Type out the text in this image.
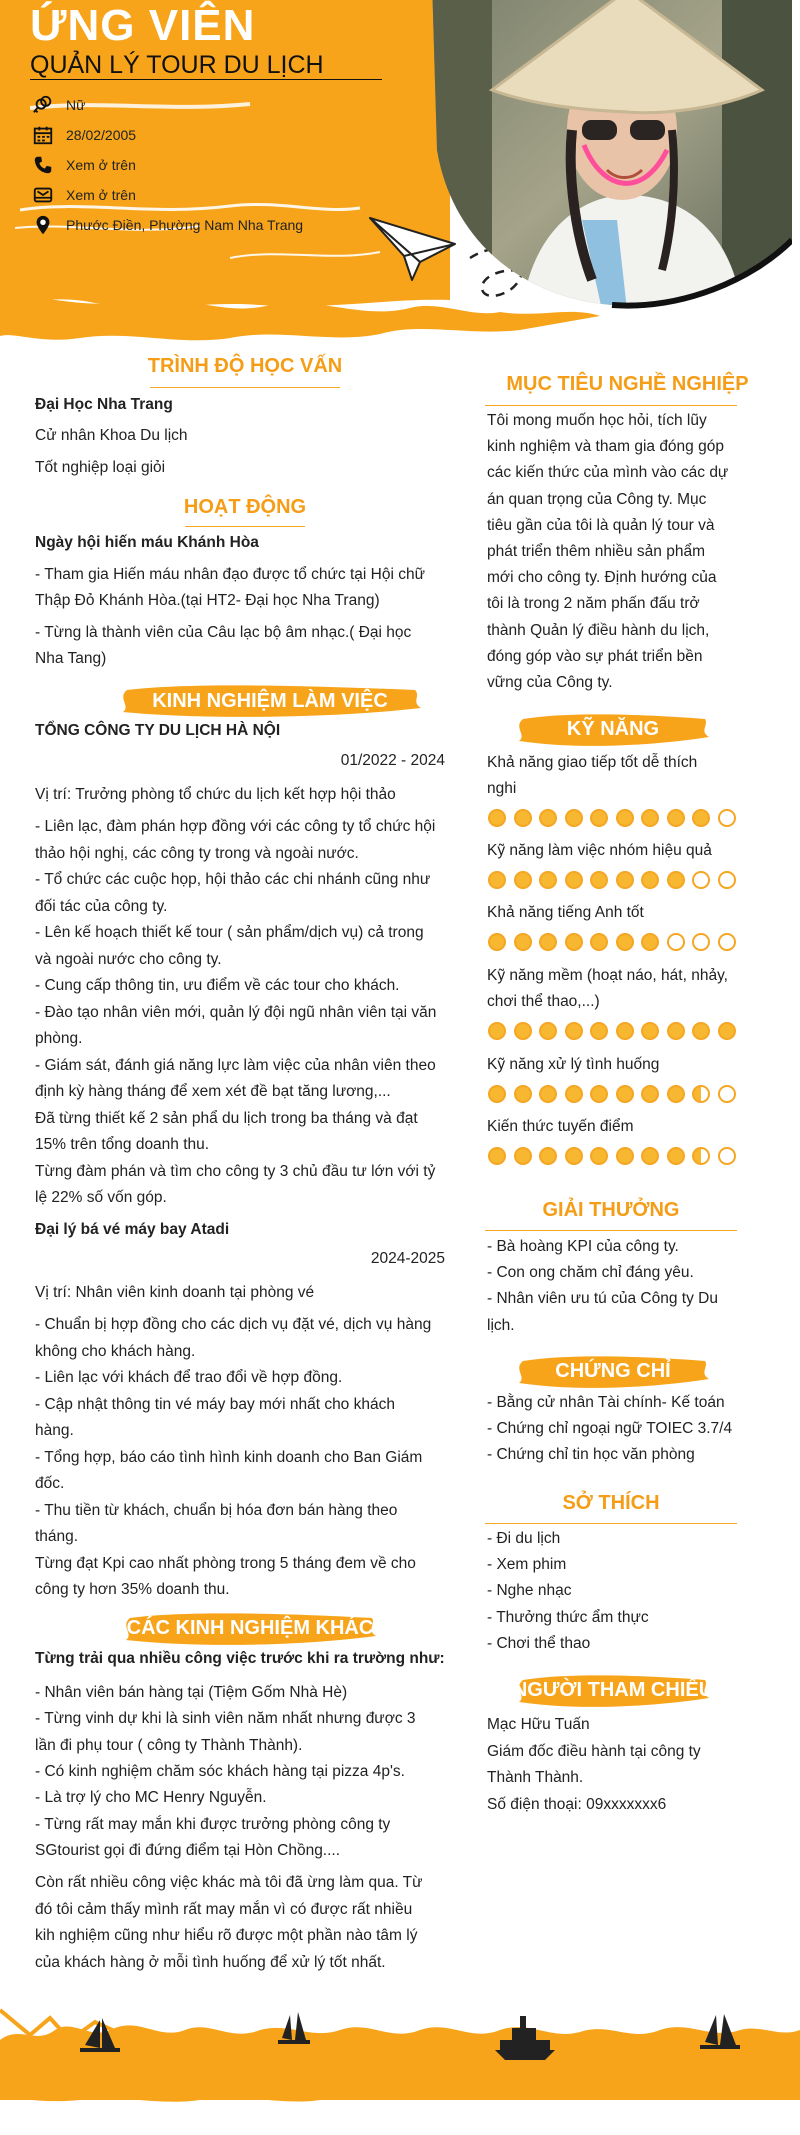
ỨNG VIÊN
QUẢN LÝ TOUR DU LỊCH
Nữ
28/02/2005
Xem ở trên
Xem ở trên
Phước Điền, Phường Nam Nha Trang
TRÌNH ĐỘ HỌC VẤN
Đại Học Nha Trang
Cử nhân Khoa Du lịch
Tốt nghiệp loại giỏi
HOẠT ĐỘNG
Ngày hội hiến máu Khánh Hòa
- Tham gia Hiến máu nhân đạo được tổ chức tại Hội chữ
Thập Đỏ Khánh Hòa.(tại HT2- Đại học Nha Trang)
- Từng là thành viên của Câu lạc bộ âm nhạc.( Đại học
Nha Tang)
KINH NGHIỆM LÀM VIỆC
TỔNG CÔNG TY DU LỊCH HÀ NỘI
01/2022 - 2024
Vị trí: Trưởng phòng tổ chức du lịch kết hợp hội thảo
- Liên lạc, đàm phán hợp đồng với các công ty tổ chức hội
thảo hội nghị, các công ty trong và ngoài nước.
- Tổ chức các cuộc họp, hội thảo các chi nhánh cũng như
đối tác của công ty.
- Lên kế hoạch thiết kế tour ( sản phẩm/dịch vụ) cả trong
và ngoài nước cho công ty.
- Cung cấp thông tin, ưu điểm về các tour cho khách.
- Đào tạo nhân viên mới, quản lý đội ngũ nhân viên tại văn
phòng.
- Giám sát, đánh giá năng lực làm việc của nhân viên theo
định kỳ hàng tháng để xem xét đề bạt tăng lương,...
Đã từng thiết kế 2 sản phẩ du lịch trong ba tháng và đạt
15% trên tổng doanh thu.
Từng đàm phán và tìm cho công ty 3 chủ đầu tư lớn với tỷ
lệ 22% số vốn góp.
Đại lý bá vé máy bay Atadi
2024-2025
Vị trí: Nhân viên kinh doanh tại phòng vé
- Chuẩn bị hợp đồng cho các dịch vụ đặt vé, dịch vụ hàng
không cho khách hàng.
- Liên lạc với khách để trao đổi về hợp đồng.
- Cập nhật thông tin vé máy bay mới nhất cho khách
hàng.
- Tổng hợp, báo cáo tình hình kinh doanh cho Ban Giám
đốc.
- Thu tiền từ khách, chuẩn bị hóa đơn bán hàng theo
tháng.
Từng đạt Kpi cao nhất phòng trong 5 tháng đem về cho
công ty hơn 35% doanh thu.
CÁC KINH NGHIỆM KHÁC
Từng trải qua nhiều công việc trước khi ra trường như:
- Nhân viên bán hàng tại (Tiệm Gốm Nhà Hè)
- Từng vinh dự khi là sinh viên năm nhất nhưng được 3
lần đi phụ tour ( công ty Thành Thành).
- Có kinh nghiệm chăm sóc khách hàng tại pizza 4p's.
- Là trợ lý cho MC Henry Nguyễn.
- Từng rất may mắn khi được trưởng phòng công ty
SGtourist gọi đi đứng điểm tại Hòn Chồng....
Còn rất nhiều công việc khác mà tôi đã ừng làm qua. Từ
đó tôi cảm thấy mình rất may mắn vì có được rất nhiều
kih nghiệm cũng như hiểu rõ được một phần nào tâm lý
của khách hàng ở mỗi tình huống để xử lý tốt nhất.
MỤC TIÊU NGHỀ NGHIỆP
Tôi mong muốn học hỏi, tích lũy
kinh nghiệm và tham gia đóng góp
các kiến thức của mình vào các dự
án quan trọng của Công ty. Mục
tiêu gần của tôi là quản lý tour và
phát triển thêm nhiều sản phẩm
mới cho công ty. Định hướng của
tôi là trong 2 năm phấn đấu trở
thành Quản lý điều hành du lịch,
đóng góp vào sự phát triển bền
vững của Công ty.
KỸ NĂNG
Khả năng giao tiếp tốt dễ thích
nghi
Kỹ năng làm việc nhóm hiệu quả
Khả năng tiếng Anh tốt
Kỹ năng mềm (hoạt náo, hát, nhảy,
chơi thể thao,...)
Kỹ năng xử lý tình huống
Kiến thức tuyến điểm
GIẢI THƯỞNG
- Bà hoàng KPI của công ty.
- Con ong chăm chỉ đáng yêu.
- Nhân viên ưu tú của Công ty Du
lịch.
CHỨNG CHỈ
- Bằng cử nhân Tài chính- Kế toán
- Chứng chỉ ngoại ngữ TOIEC 3.7/4
- Chứng chỉ tin học văn phòng
SỞ THÍCH
- Đi du lịch
- Xem phim
- Nghe nhạc
- Thưởng thức ẩm thực
- Chơi thể thao
NGƯỜI THAM CHIẾU
Mạc Hữu Tuấn
Giám đốc điều hành tại công ty
Thành Thành.
Số điện thoại: 09xxxxxxx6
